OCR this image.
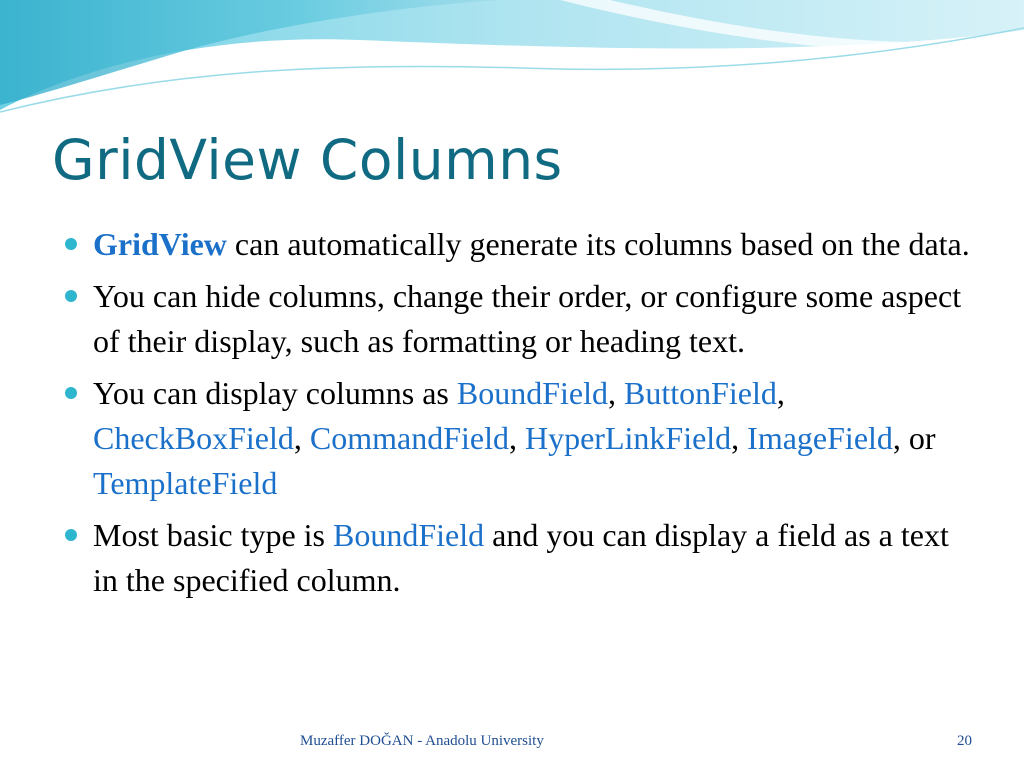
GridView Columns
GridView can automatically generate its columns based on the data.
You can hide columns, change their order, or configure some aspect of their display, such as formatting or heading text.
You can display columns as BoundField, ButtonField, CheckBoxField, CommandField, HyperLinkField, ImageField, or TemplateField
Most basic type is BoundField and you can display a field as a text in the specified column.
Muzaffer DOĞAN - Anadolu University	20
